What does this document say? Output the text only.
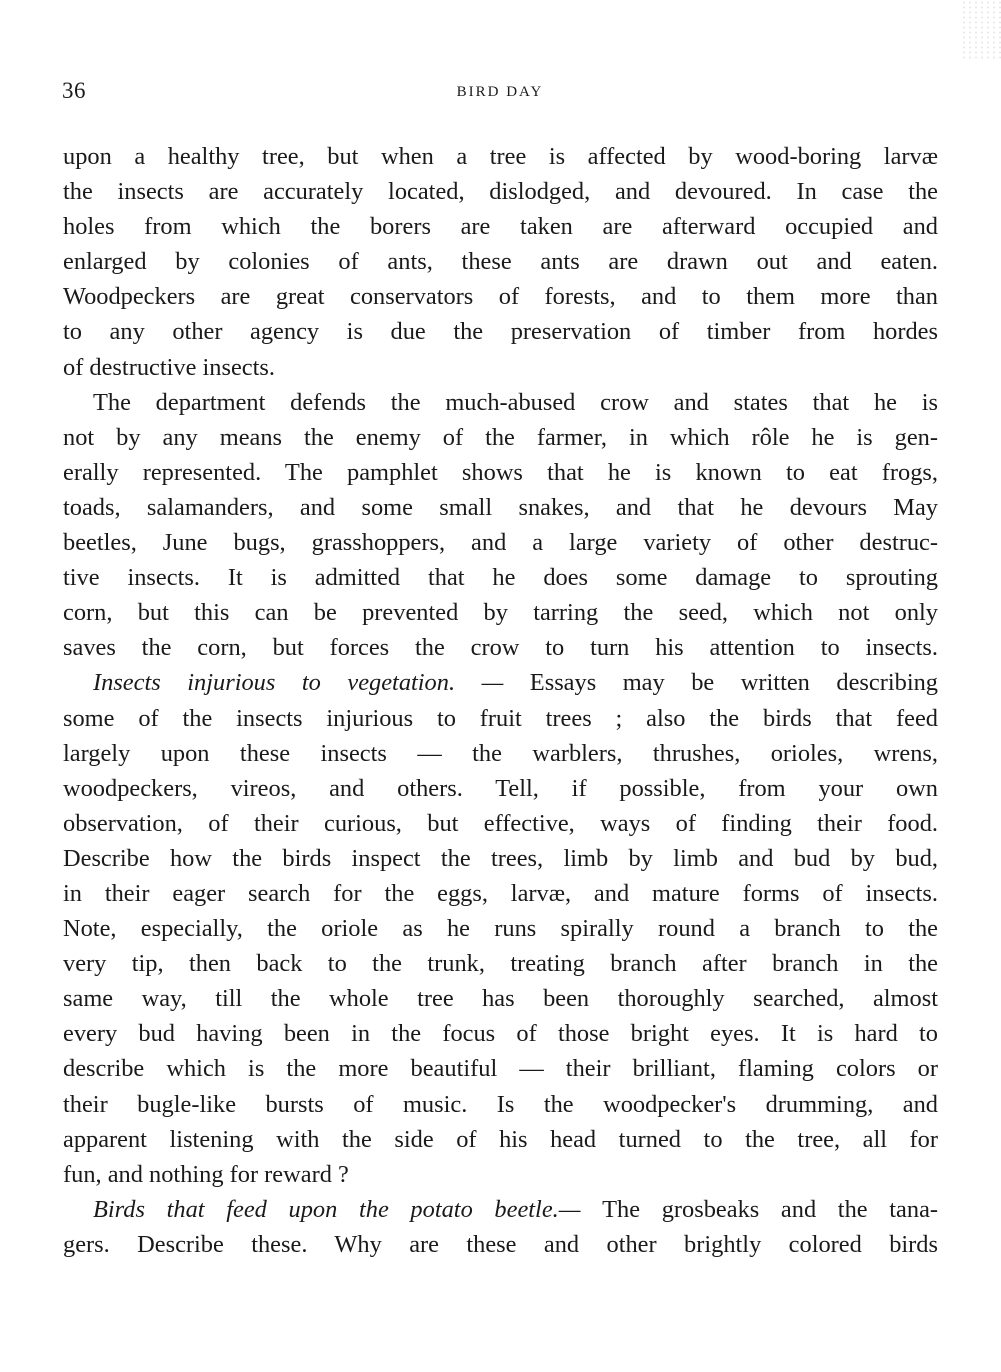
36	BIRD DAY
upon a healthy tree, but when a tree is affected by wood-boring larvæ
the insects are accurately located, dislodged, and devoured. In case the
holes from which the borers are taken are afterward occupied and
enlarged by colonies of ants, these ants are drawn out and eaten.
Woodpeckers are great conservators of forests, and to them more than
to any other agency is due the preservation of timber from hordes
of destructive insects.
The department defends the much-abused crow and states that he is
not by any means the enemy of the farmer, in which rôle he is gen-
erally represented. The pamphlet shows that he is known to eat frogs,
toads, salamanders, and some small snakes, and that he devours May
beetles, June bugs, grasshoppers, and a large variety of other destruc-
tive insects. It is admitted that he does some damage to sprouting
corn, but this can be prevented by tarring the seed, which not only
saves the corn, but forces the crow to turn his attention to insects.
Insects injurious to vegetation. — Essays may be written describing
some of the insects injurious to fruit trees ; also the birds that feed
largely upon these insects — the warblers, thrushes, orioles, wrens,
woodpeckers, vireos, and others. Tell, if possible, from your own
observation, of their curious, but effective, ways of finding their food.
Describe how the birds inspect the trees, limb by limb and bud by bud,
in their eager search for the eggs, larvæ, and mature forms of insects.
Note, especially, the oriole as he runs spirally round a branch to the
very tip, then back to the trunk, treating branch after branch in the
same way, till the whole tree has been thoroughly searched, almost
every bud having been in the focus of those bright eyes. It is hard to
describe which is the more beautiful — their brilliant, flaming colors or
their bugle-like bursts of music. Is the woodpecker's drumming, and
apparent listening with the side of his head turned to the tree, all for
fun, and nothing for reward ?
Birds that feed upon the potato beetle.— The grosbeaks and the tana-
gers. Describe these. Why are these and other brightly colored birds
